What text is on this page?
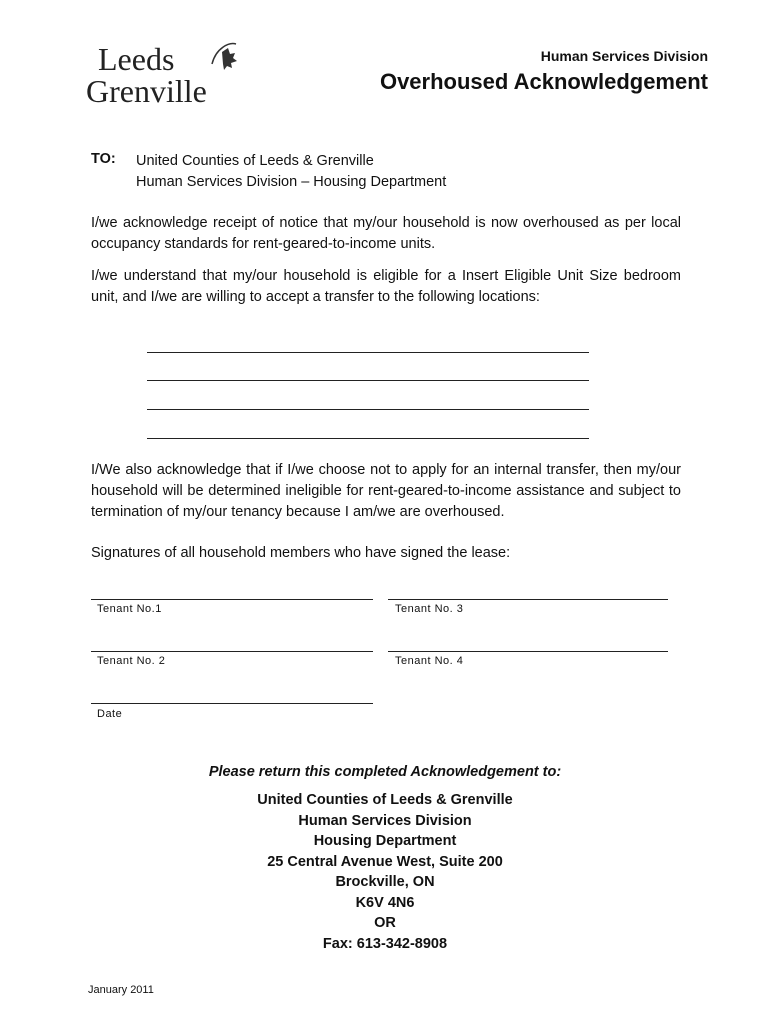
Leeds
Grenville
Human Services Division
Overhoused Acknowledgement
TO: United Counties of Leeds & Grenville
Human Services Division – Housing Department
I/we acknowledge receipt of notice that my/our household is now overhoused as per local occupancy standards for rent-geared-to-income units.
I/we understand that my/our household is eligible for a Insert Eligible Unit Size bedroom unit, and I/we are willing to accept a transfer to the following locations:
I/We also acknowledge that if I/we choose not to apply for an internal transfer, then my/our household will be determined ineligible for rent-geared-to-income assistance and subject to termination of my/our tenancy because I am/we are overhoused.
Signatures of all household members who have signed the lease:
Tenant No.1	Tenant No. 3
Tenant No. 2	Tenant No. 4
Date
Please return this completed Acknowledgement to:
United Counties of Leeds & Grenville
Human Services Division
Housing Department
25 Central Avenue West, Suite 200
Brockville, ON
K6V 4N6
OR
Fax: 613-342-8908
January 2011
